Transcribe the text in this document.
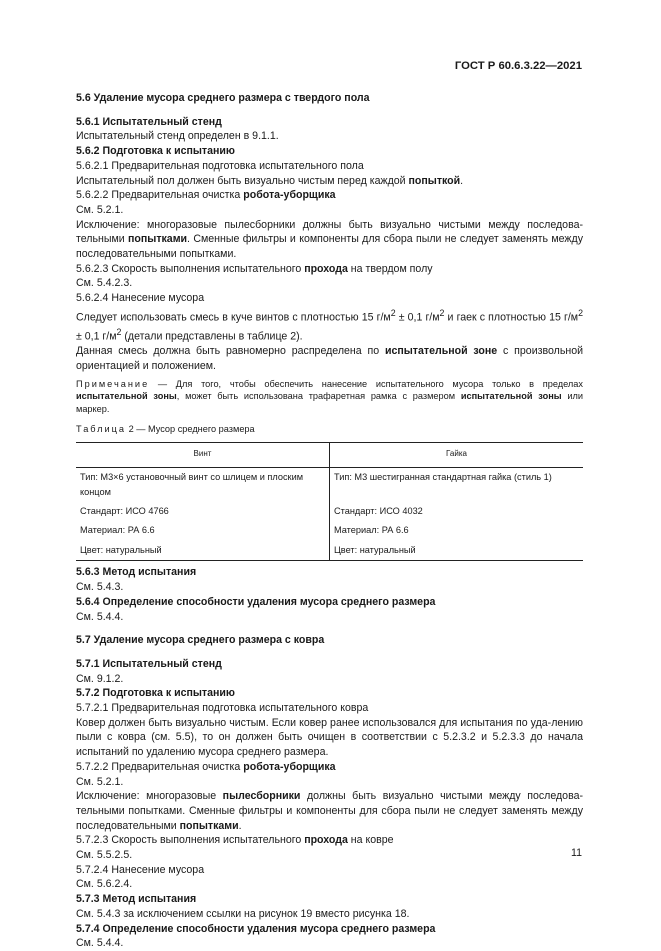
ГОСТ Р 60.6.3.22—2021

5.6 Удаление мусора среднего размера с твердого пола

5.6.1 Испытательный стенд

Испытательный стенд определен в 9.1.1.

5.6.2 Подготовка к испытанию

5.6.2.1 Предварительная подготовка испытательного пола

Испытательный пол должен быть визуально чистым перед каждой попыткой.

5.6.2.2 Предварительная очистка робота-уборщика

См. 5.2.1.

Исключение: многоразовые пылесборники должны быть визуально чистыми между последова-тельными попытками. Сменные фильтры и компоненты для сбора пыли не следует заменять между последовательными попытками.

5.6.2.3 Скорость выполнения испытательного прохода на твердом полу

См. 5.4.2.3.

5.6.2.4 Нанесение мусора

Следует использовать смесь в куче винтов с плотностью 15 $г/м^2 \pm 0,1$ $г/м^2$ и гаек с плотностью 15 $г/м^2 \pm 0,1$ $г/м^2$ (детали представлены в таблице 2).

Данная смесь должна быть равномерно распределена по испытательной зоне с произвольной ориентацией и положением.

Примечание — Для того, чтобы обеспечить нанесение испытательного мусора только в пределах испытательной зоны, может быть использована трафаретная рамка с размером испытательной зоны или маркер.

Таблица 2 — Мусор среднего размера

Винт	Гайка
Тип: М3×6 установочный винт со шлицем и плоским концом	Тип: М3 шестигранная стандартная гайка (стиль 1)
Стандарт: ИСО 4766	Стандарт: ИСО 4032
Материал: РА 6.6	Материал: РА 6.6
Цвет: натуральный	Цвет: натуральный

5.6.3 Метод испытания

См. 5.4.3.

5.6.4 Определение способности удаления мусора среднего размера

См. 5.4.4.

5.7 Удаление мусора среднего размера с ковра

5.7.1 Испытательный стенд

См. 9.1.2.

5.7.2 Подготовка к испытанию

5.7.2.1 Предварительная подготовка испытательного ковра

Ковер должен быть визуально чистым. Если ковер ранее использовался для испытания по уда-лению пыли с ковра (см. 5.5), то он должен быть очищен в соответствии с 5.2.3.2 и 5.2.3.3 до начала испытаний по удалению мусора среднего размера.

5.7.2.2 Предварительная очистка робота-уборщика

См. 5.2.1.

Исключение: многоразовые пылесборники должны быть визуально чистыми между последова-тельными попытками. Сменные фильтры и компоненты для сбора пыли не следует заменять между последовательными попытками.

5.7.2.3 Скорость выполнения испытательного прохода на ковре

См. 5.5.2.5.

5.7.2.4 Нанесение мусора

См. 5.6.2.4.

5.7.3 Метод испытания

См. 5.4.3 за исключением ссылки на рисунок 19 вместо рисунка 18.

5.7.4 Определение способности удаления мусора среднего размера

См. 5.4.4.

11
